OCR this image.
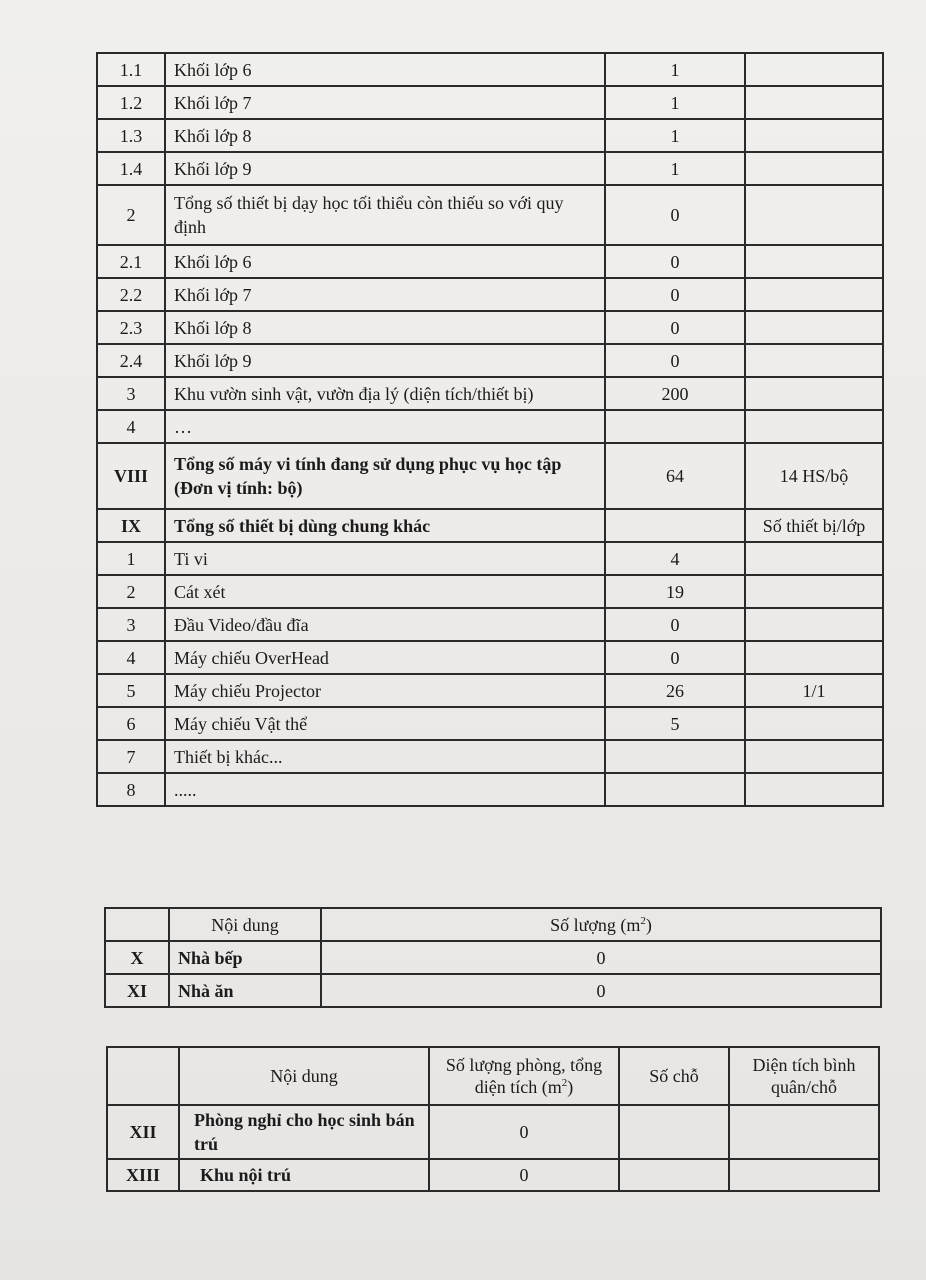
1.1	Khối lớp 6	1	
1.2	Khối lớp 7	1	
1.3	Khối lớp 8	1	
1.4	Khối lớp 9	1	
2	Tổng số thiết bị dạy học tối thiểu còn thiếu so với quy định	0	
2.1	Khối lớp 6	0	
2.2	Khối lớp 7	0	
2.3	Khối lớp 8	0	
2.4	Khối lớp 9	0	
3	Khu vườn sinh vật, vườn địa lý (diện tích/thiết bị)	200	
4	…		
VIII	Tổng số máy vi tính đang sử dụng phục vụ học tập (Đơn vị tính: bộ)	64	14 HS/bộ
IX	Tổng số thiết bị dùng chung khác		Số thiết bị/lớp
1	Ti vi	4	
2	Cát xét	19	
3	Đầu Video/đầu đĩa	0	
4	Máy chiếu OverHead	0	
5	Máy chiếu Projector	26	1/1
6	Máy chiếu Vật thể	5	
7	Thiết bị khác...		
8	.....		
	Nội dung	Số lượng $(m^2)$
X	Nhà bếp	0
XI	Nhà ăn	0
	Nội dung	Số lượng phòng, tổng diện tích $(m^2)$	Số chỗ	Diện tích bình quân/chỗ
XII	Phòng nghỉ cho học sinh bán trú	0		
XIII	Khu nội trú	0		
